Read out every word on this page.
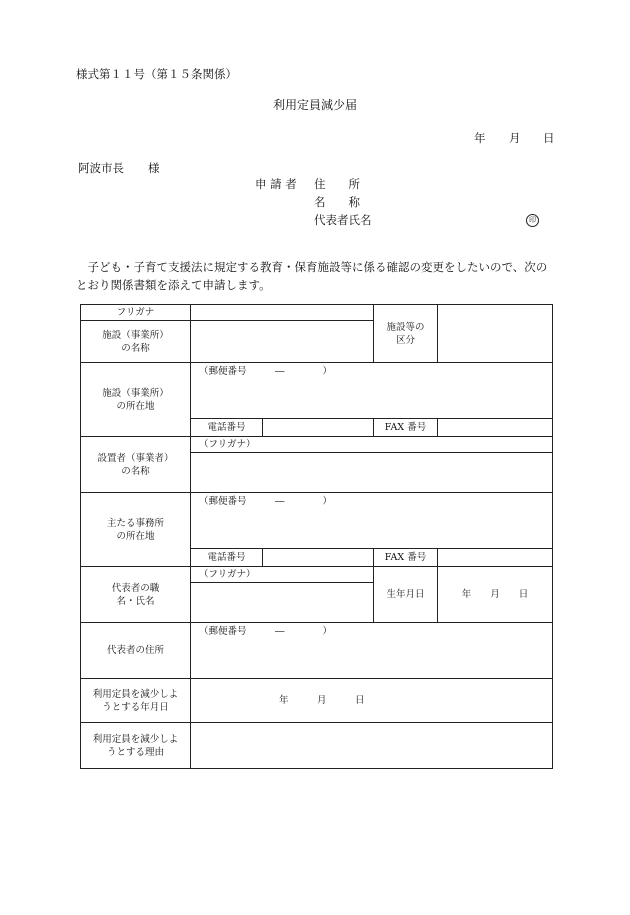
様式第１１号（第１５条関係）
利用定員減少届
年 月 日
阿波市長 様
申 請 者 住　　所
名　　称
代表者氏名	印
子ども・子育て支援法に規定する教育・保育施設等に係る確認の変更をしたいので、次のとおり関係書類を添えて申請します。
フリガナ			施設等の区分	
施設（事業所）の名称				
施設（事業所）の所在地	（郵便番号　　　―　　　　）			

	電話番号		FAX 番号	
設置者（事業者）の名称	（フリガナ）			

主たる事務所の所在地	（郵便番号　　　―　　　　）			

	電話番号		FAX 番号	
代表者の職名・氏名	（フリガナ）		生年月日	年　　月　　日

代表者の住所	（郵便番号　　　―　　　　）			

利用定員を減少しようとする年月日	年　　　月　　　日			
利用定員を減少しようとする理由				
